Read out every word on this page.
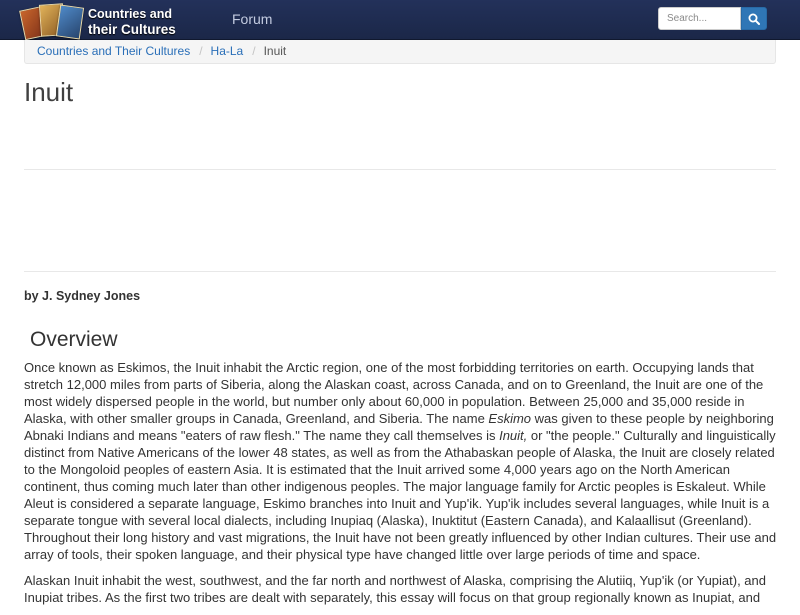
Countries and
their Cultures
Forum
Search...
Countries and Their Cultures / Ha-La / Inuit
Inuit
by J. Sydney Jones
Overview

Once known as Eskimos, the Inuit inhabit the Arctic region, one of the most forbidding territories on earth. Occupying lands that stretch 12,000 miles from parts of Siberia, along the Alaskan coast, across Canada, and on to Greenland, the Inuit are one of the most widely dispersed people in the world, but number only about 60,000 in population. Between 25,000 and 35,000 reside in Alaska, with other smaller groups in Canada, Greenland, and Siberia. The name Eskimo was given to these people by neighboring Abnaki Indians and means "eaters of raw flesh." The name they call themselves is Inuit, or "the people." Culturally and linguistically distinct from Native Americans of the lower 48 states, as well as from the Athabaskan people of Alaska, the Inuit are closely related to the Mongoloid peoples of eastern Asia. It is estimated that the Inuit arrived some 4,000 years ago on the North American continent, thus coming much later than other indigenous peoples. The major language family for Arctic peoples is Eskaleut. While Aleut is considered a separate language, Eskimo branches into Inuit and Yup'ik. Yup'ik includes several languages, while Inuit is a separate tongue with several local dialects, including Inupiaq (Alaska), Inuktitut (Eastern Canada), and Kalaallisut (Greenland). Throughout their long history and vast migrations, the Inuit have not been greatly influenced by other Indian cultures. Their use and array of tools, their spoken language, and their physical type have changed little over large periods of time and space.

Alaskan Inuit inhabit the west, southwest, and the far north and northwest of Alaska, comprising the Alutiiq, Yup'ik (or Yupiat), and Inupiat tribes. As the first two tribes are dealt with separately, this essay will focus on that group regionally known as Inupiat, and
